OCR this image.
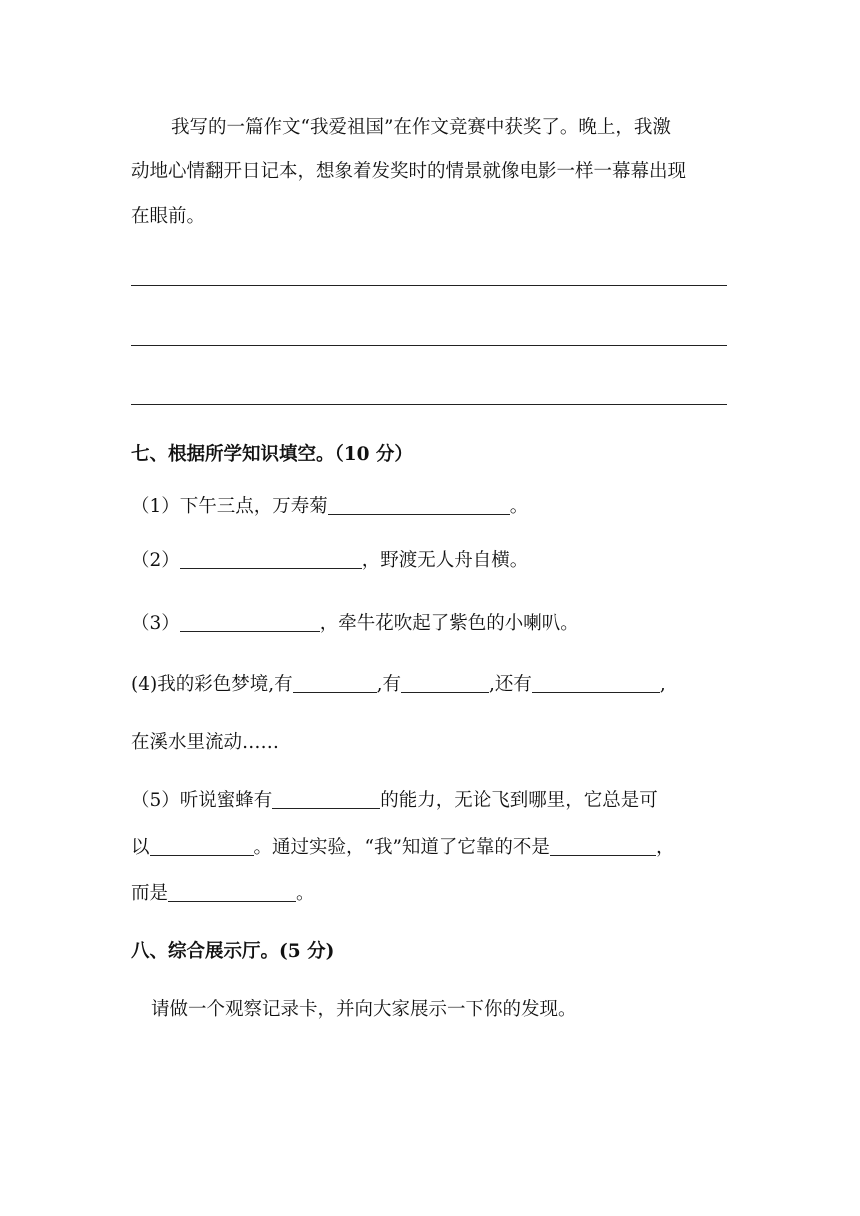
我写的一篇作文“我爱祖国”在作文竞赛中获奖了。晚上，我激
动地心情翻开日记本，想象着发奖时的情景就像电影一样一幕幕出现
在眼前。
七、根据所学知识填空。（10 分）
（1）下午三点，万寿菊	。
（2）	，野渡无人舟自横。
（3）	，牵牛花吹起了紫色的小喇叭。
(4)我的彩色梦境,有	,有	,还有	,
在溪水里流动……
（5）听说蜜蜂有	的能力，无论飞到哪里，它总是可
以	。通过实验，“我”知道了它靠的不是	，
而是	。
八、综合展示厅。(5 分)
请做一个观察记录卡，并向大家展示一下你的发现。
